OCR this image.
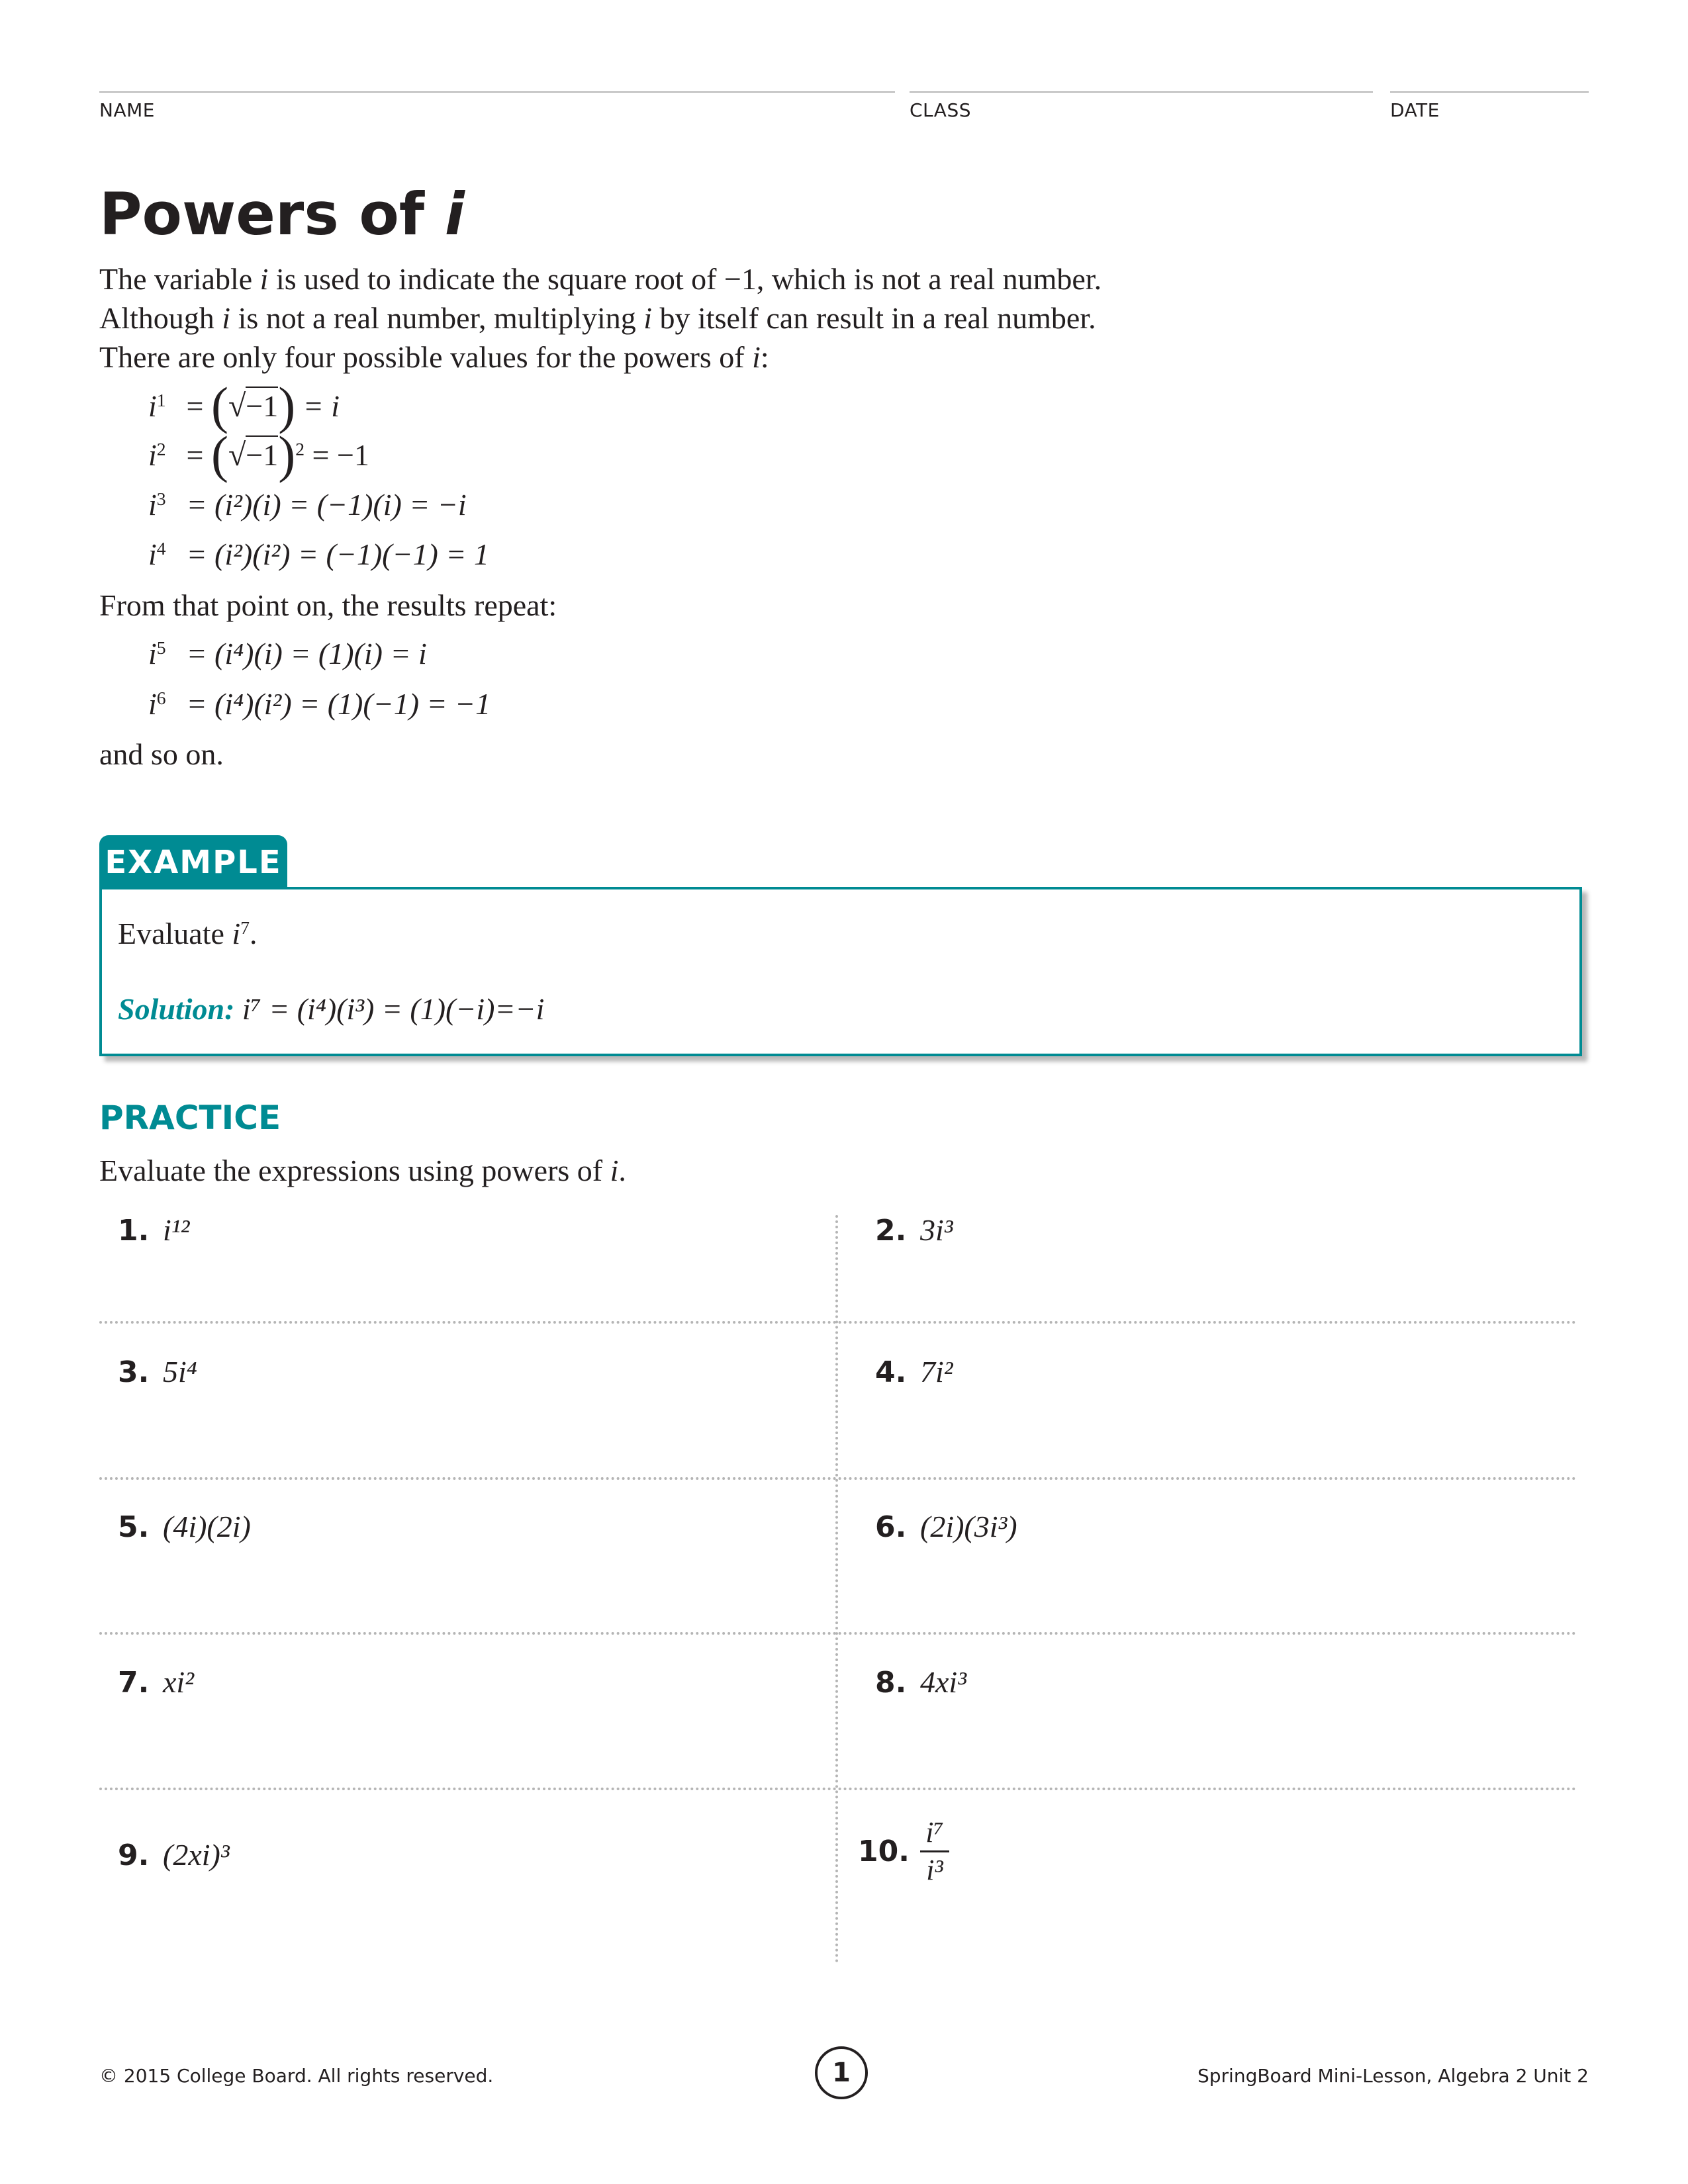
NAME	CLASS	DATE
Powers of i

The variable i is used to indicate the square root of −1, which is not a real number.
Although i is not a real number, multiplying i by itself can result in a real number.
There are only four possible values for the powers of i:

$i^1 = (√-1) = i$
$i^2 = (√-1)^2 = -1$
$i^3 = (i^2)(i) = (-1)(i) = -i$
$i^4 = (i^2)(i^2) = (-1)(-1) = 1$

From that point on, the results repeat:

$i^5 = (i^4)(i) = (1)(i) = i$
$i^6 = (i^4)(i^2) = (1)(-1) = -1$

and so on.

EXAMPLE
Evaluate $i^7$.
Solution: i⁷ = (i⁴)(i³) = (1)(−i)=−i
PRACTICE
Evaluate the expressions using powers of i.
1. i¹²	2. 3i³
3. 5i⁴	4. 7i²
5. (4i)(2i)	6. (2i)(3i³)
7. xi²	8. 4xi³
9. (2xi)³	10. $\frac{\text{i⁷}}{\text{i³}}$
© 2015 College Board. All rights reserved.	1	SpringBoard Mini-Lesson, Algebra 2 Unit 2
